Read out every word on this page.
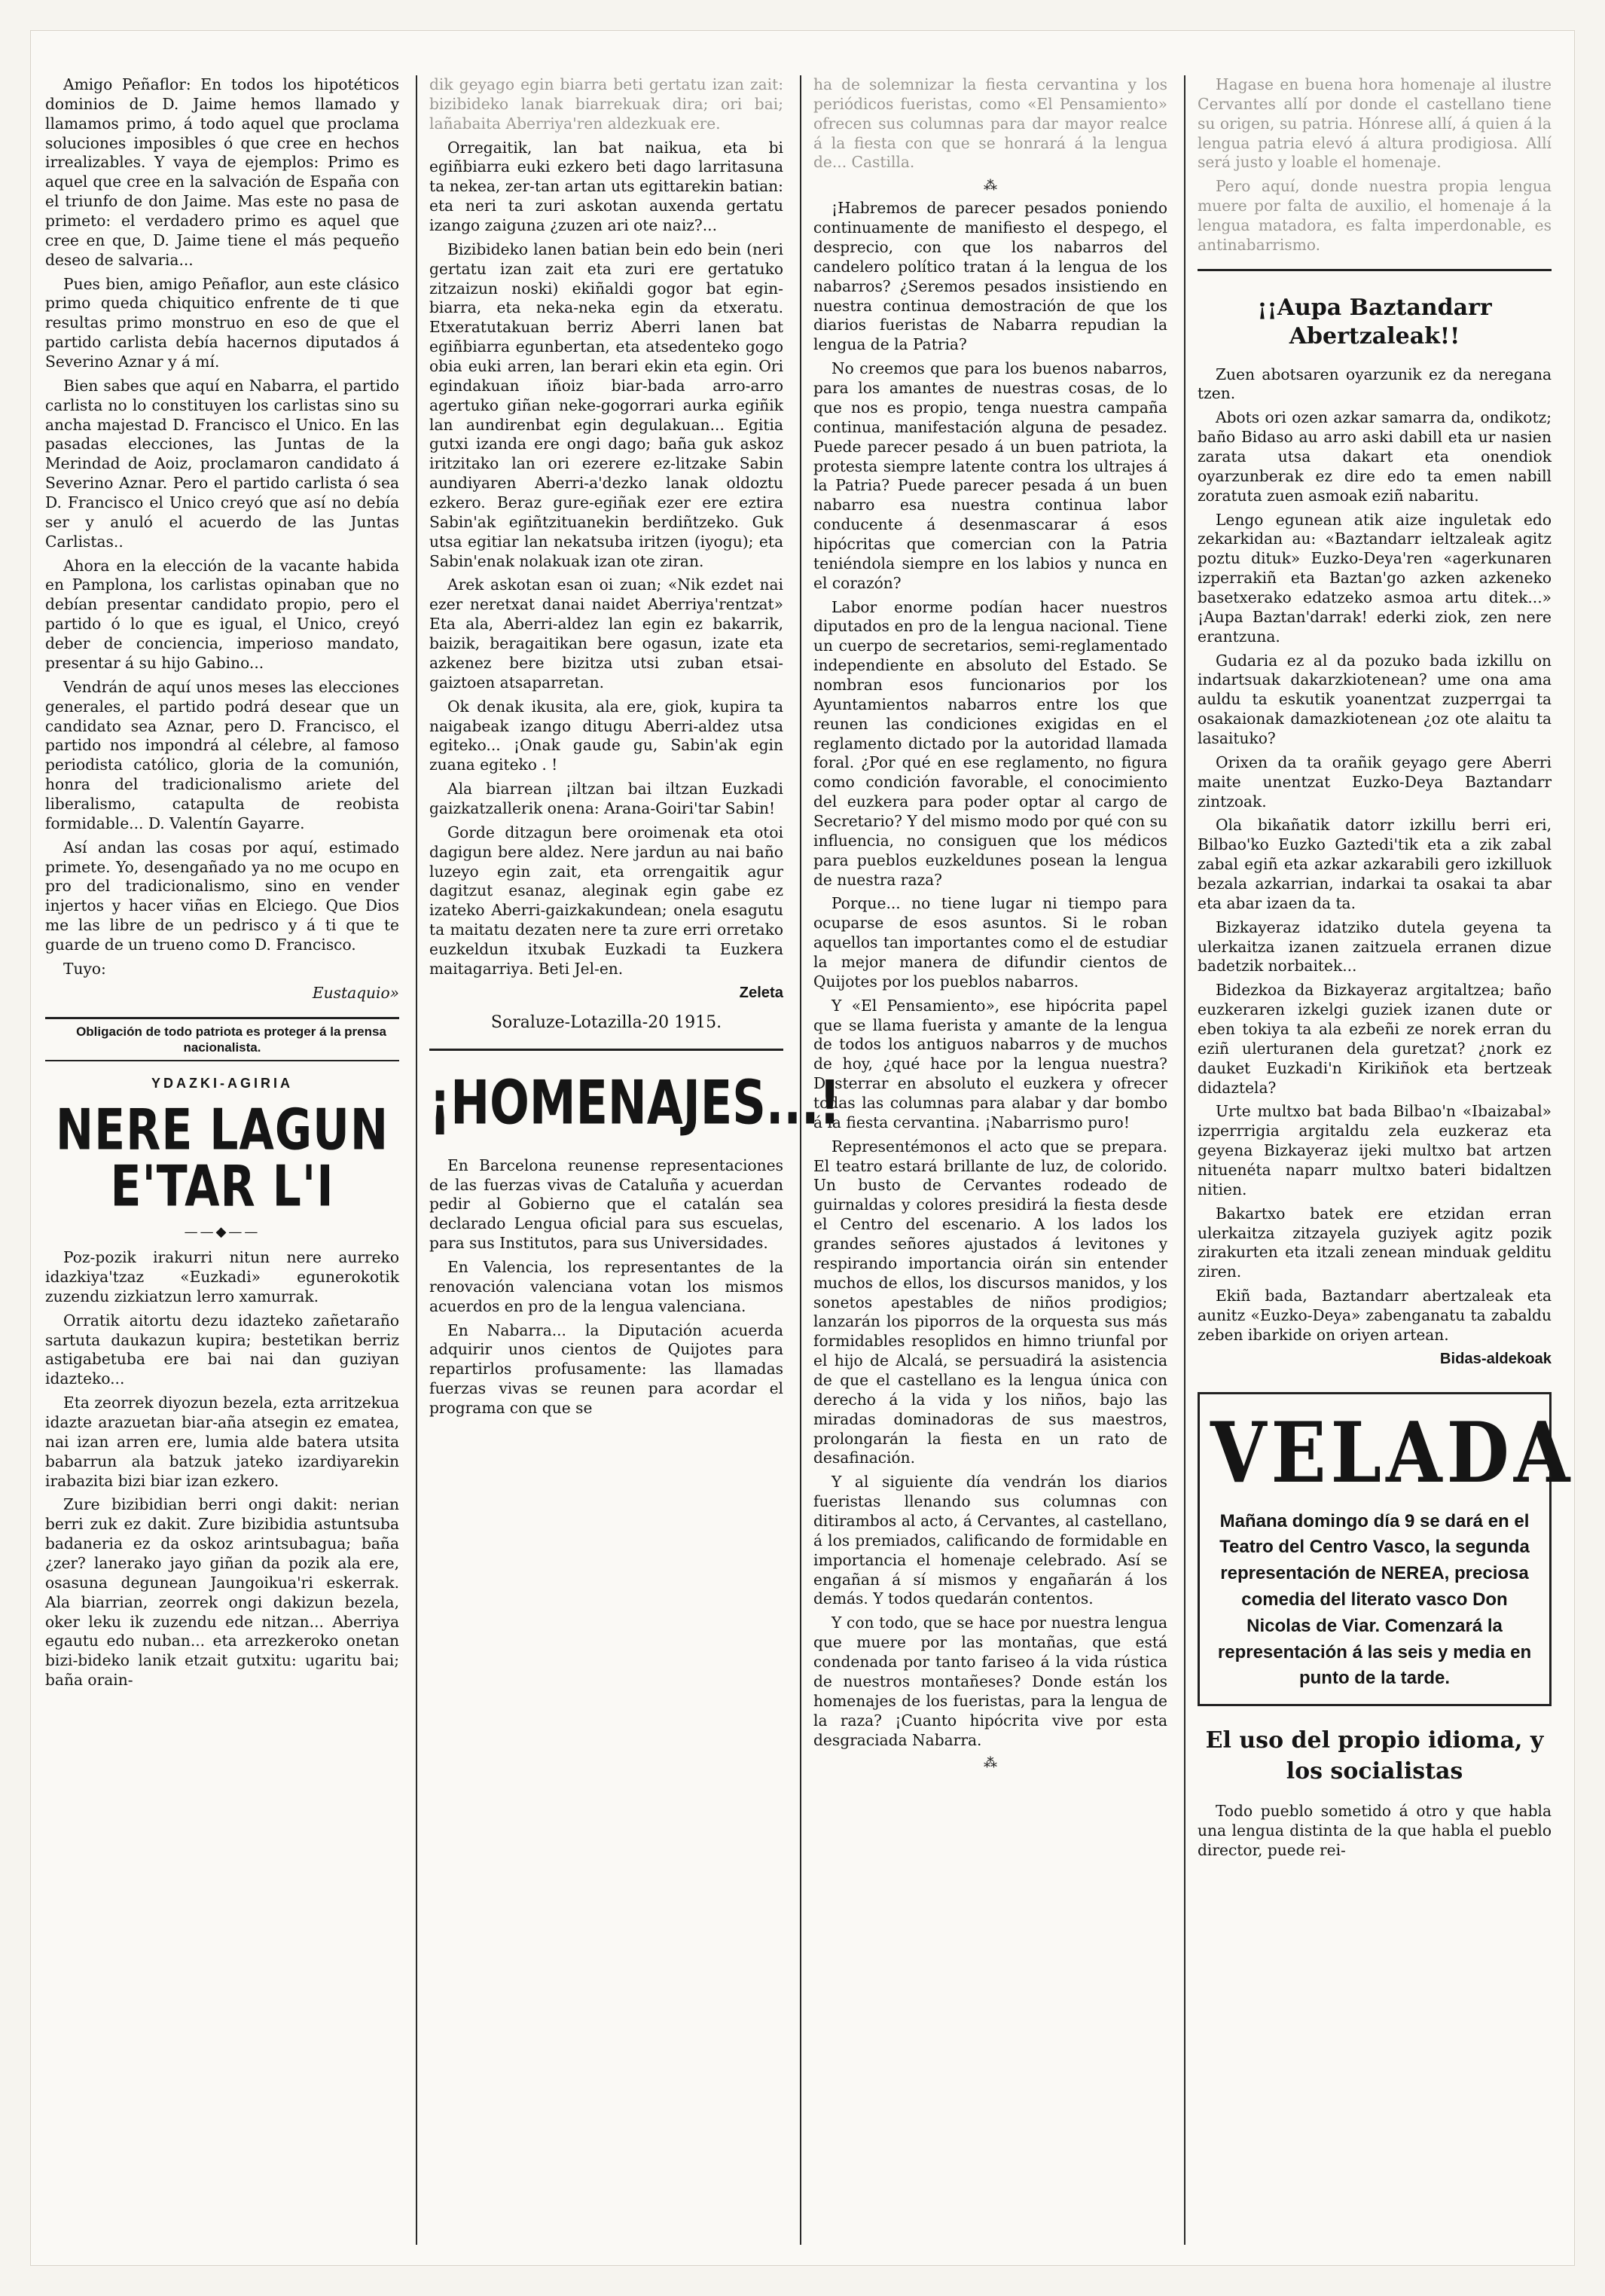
Amigo Peñaflor: En todos los hipotéticos dominios de D. Jaime hemos llamado y llamamos primo, á todo aquel que proclama soluciones imposibles ó que cree en hechos irrealizables. Y vaya de ejemplos: Primo es aquel que cree en la salvación de España con el triunfo de don Jaime. Mas este no pasa de primeto: el verdadero primo es aquel que cree en que, D. Jaime tiene el más pequeño deseo de salvaria...

Pues bien, amigo Peñaflor, aun este clásico primo queda chiquitico enfrente de ti que resultas primo monstruo en eso de que el partido carlista debía hacernos diputados á Severino Aznar y á mí.

Bien sabes que aquí en Nabarra, el partido carlista no lo constituyen los carlistas sino su ancha majestad D. Francisco el Unico. En las pasadas elecciones, las Juntas de la Merindad de Aoiz, proclamaron candidato á Severino Aznar. Pero el partido carlista ó sea D. Francisco el Unico creyó que así no debía ser y anuló el acuerdo de las Juntas Carlistas..

Ahora en la elección de la vacante habida en Pamplona, los carlistas opinaban que no debían presentar candidato propio, pero el partido ó lo que es igual, el Unico, creyó deber de conciencia, imperioso mandato, presentar á su hijo Gabino...

Vendrán de aquí unos meses las elecciones generales, el partido podrá desear que un candidato sea Aznar, pero D. Francisco, el partido nos impondrá al célebre, al famoso periodista católico, gloria de la comunión, honra del tradicionalismo ariete del liberalismo, catapulta de reobista formidable... D. Valentín Gayarre.

Así andan las cosas por aquí, estimado primete. Yo, desengañado ya no me ocupo en pro del tradicionalismo, sino en vender injertos y hacer viñas en Elciego. Que Dios me las libre de un pedrisco y á ti que te guarde de un trueno como D. Francisco.

Tuyo:

Eustaquio»

Obligación de todo patriota es proteger á la prensa nacionalista.

YDAZKI-AGIRIA
NERE LAGUN E'TAR L'I
——◆——

Poz-pozik irakurri nitun nere aurreko idazkiya'tzaz «Euzkadi» egunerokotik zuzendu zizkiatzun lerro xamurrak.

Orratik aitortu dezu idazteko zañetaraño sartuta daukazun kupira; bestetikan berriz astigabetuba ere bai nai dan guziyan idazteko...

Eta zeorrek diyozun bezela, ezta arritzekua idazte arazuetan biar-aña atsegin ez ematea, nai izan arren ere, lumia alde batera utsita babarrun ala batzuk jateko izardiyarekin irabazita bizi biar izan ezkero.

Zure bizibidian berri ongi dakit: nerian berri zuk ez dakit. Zure bizibidia astuntsuba badaneria ez da oskoz arintsubagua; baña ¿zer? lanerako jayo giñan da pozik ala ere, osasuna degunean Jaungoikua'ri eskerrak. Ala biarrian, zeorrek ongi dakizun bezela, oker leku ik zuzendu ede nitzan... Aberriya egautu edo nuban... eta arrezkeroko onetan bizi-bideko lanik etzait gutxitu: ugaritu bai; baña orain-

dik geyago egin biarra beti gertatu izan zait: bizibideko lanak biarrekuak dira; ori bai; lañabaita Aberriya'ren aldezkuak ere.

Orregaitik, lan bat naikua, eta bi egiñbiarra euki ezkero beti dago larritasuna ta nekea, zer-tan artan uts egittarekin batian: eta neri ta zuri askotan auxenda gertatu izango zaiguna ¿zuzen ari ote naiz?...

Bizibideko lanen batian bein edo bein (neri gertatu izan zait eta zuri ere gertatuko zitzaizun noski) ekiñaldi gogor bat egin-biarra, eta neka-neka egin da etxeratu. Etxeratutakuan berriz Aberri lanen bat egiñbiarra egunbertan, eta atsedenteko gogo obia euki arren, lan berari ekin eta egin. Ori egindakuan iñoiz biar-bada arro-arro agertuko giñan neke-gogorrari aurka egiñik lan aundirenbat egin degulakuan... Egitia gutxi izanda ere ongi dago; baña guk askoz iritzitako lan ori ezerere ez-litzake Sabin aundiyaren Aberri-a'dezko lanak oldoztu ezkero. Beraz gure-egiñak ezer ere eztira Sabin'ak egiñtzituanekin berdiñtzeko. Guk utsa egitiar lan nekatsuba iritzen (iyogu); eta Sabin'enak nolakuak izan ote ziran.

Arek askotan esan oi zuan; «Nik ezdet nai ezer neretxat danai naidet Aberriya'rentzat» Eta ala, Aberri-aldez lan egin ez bakarrik, baizik, beragaitikan bere ogasun, izate eta azkenez bere bizitza utsi zuban etsai-gaiztoen atsaparretan.

Ok denak ikusita, ala ere, giok, kupira ta naigabeak izango ditugu Aberri-aldez utsa egiteko... ¡Onak gaude gu, Sabin'ak egin zuana egiteko . !

Ala biarrean ¡iltzan bai iltzan Euzkadi gaizkatzallerik onena: Arana-Goiri'tar Sabin!

Gorde ditzagun bere oroimenak eta otoi dagigun bere aldez. Nere jardun au nai baño luzeyo egin zait, eta orrengaitik agur dagitzut esanaz, aleginak egin gabe ez izateko Aberri-gaizkakundean; onela esagutu ta maitatu dezaten nere ta zure erri orretako euzkeldun itxubak Euzkadi ta Euzkera maitagarriya. Beti Jel-en.

Zeleta

Soraluze-Lotazilla-20 1915.
¡HOMENAJES...!

En Barcelona reunense representaciones de las fuerzas vivas de Cataluña y acuerdan pedir al Gobierno que el catalán sea declarado Lengua oficial para sus escuelas, para sus Institutos, para sus Universidades.

En Valencia, los representantes de la renovación valenciana votan los mismos acuerdos en pro de la lengua valenciana.

En Nabarra... la Diputación acuerda adquirir unos cientos de Quijotes para repartirlos profusamente: las llamadas fuerzas vivas se reunen para acordar el programa con que se

ha de solemnizar la fiesta cervantina y los periódicos fueristas, como «El Pensamiento» ofrecen sus columnas para dar mayor realce á la fiesta con que se honrará á la lengua de... Castilla.

⁂

¡Habremos de parecer pesados poniendo continuamente de manifiesto el despego, el desprecio, con que los nabarros del candelero político tratan á la lengua de los nabarros? ¿Seremos pesados insistiendo en nuestra continua demostración de que los diarios fueristas de Nabarra repudian la lengua de la Patria?

No creemos que para los buenos nabarros, para los amantes de nuestras cosas, de lo que nos es propio, tenga nuestra campaña continua, manifestación alguna de pesadez. Puede parecer pesado á un buen patriota, la protesta siempre latente contra los ultrajes á la Patria? Puede parecer pesada á un buen nabarro esa nuestra continua labor conducente á desenmascarar á esos hipócritas que comercian con la Patria teniéndola siempre en los labios y nunca en el corazón?

Labor enorme podían hacer nuestros diputados en pro de la lengua nacional. Tiene un cuerpo de secretarios, semi-reglamentado independiente en absoluto del Estado. Se nombran esos funcionarios por los Ayuntamientos nabarros entre los que reunen las condiciones exigidas en el reglamento dictado por la autoridad llamada foral. ¿Por qué en ese reglamento, no figura como condición favorable, el conocimiento del euzkera para poder optar al cargo de Secretario? Y del mismo modo por qué con su influencia, no consiguen que los médicos para pueblos euzkeldunes posean la lengua de nuestra raza?

Porque... no tiene lugar ni tiempo para ocuparse de esos asuntos. Si le roban aquellos tan importantes como el de estudiar la mejor manera de difundir cientos de Quijotes por los pueblos nabarros.

Y «El Pensamiento», ese hipócrita papel que se llama fuerista y amante de la lengua de todos los antiguos nabarros y de muchos de hoy, ¿qué hace por la lengua nuestra? Desterrar en absoluto el euzkera y ofrecer todas las columnas para alabar y dar bombo á la fiesta cervantina. ¡Nabarrismo puro!

Representémonos el acto que se prepara. El teatro estará brillante de luz, de colorido. Un busto de Cervantes rodeado de guirnaldas y colores presidirá la fiesta desde el Centro del escenario. A los lados los grandes señores ajustados á levitones y respirando importancia oirán sin entender muchos de ellos, los discursos manidos, y los sonetos apestables de niños prodigios; lanzarán los piporros de la orquesta sus más formidables resoplidos en himno triunfal por el hijo de Alcalá, se persuadirá la asistencia de que el castellano es la lengua única con derecho á la vida y los niños, bajo las miradas dominadoras de sus maestros, prolongarán la fiesta en un rato de desafinación.

Y al siguiente día vendrán los diarios fueristas llenando sus columnas con ditirambos al acto, á Cervantes, al castellano, á los premiados, calificando de formidable en importancia el homenaje celebrado. Así se engañan á sí mismos y engañarán á los demás. Y todos quedarán contentos.

Y con todo, que se hace por nuestra lengua que muere por las montañas, que está condenada por tanto fariseo á la vida rústica de nuestros montañeses? Donde están los homenajes de los fueristas, para la lengua de la raza? ¡Cuanto hipócrita vive por esta desgraciada Nabarra.

⁂

Hagase en buena hora homenaje al ilustre Cervantes allí por donde el castellano tiene su origen, su patria. Hónrese allí, á quien á la lengua patria elevó á altura prodigiosa. Allí será justo y loable el homenaje.

Pero aquí, donde nuestra propia lengua muere por falta de auxilio, el homenaje á la lengua matadora, es falta imperdonable, es antinabarrismo.

¡¡Aupa Baztandarr Abertzaleak!!

Zuen abotsaren oyarzunik ez da neregana tzen.

Abots ori ozen azkar samarra da, ondikotz; baño Bidaso au arro aski dabill eta ur nasien zarata utsa dakart eta onendiok oyarzunberak ez dire edo ta emen nabill zoratuta zuen asmoak eziñ nabaritu.

Lengo egunean atik aize inguletak edo zekarkidan au: «Baztandarr ieltzaleak agitz poztu dituk» Euzko-Deya'ren «agerkunaren izperrakiñ eta Baztan'go azken azkeneko basetxerako edatzeko asmoa artu ditek...» ¡Aupa Baztan'darrak! ederki ziok, zen nere erantzuna.

Gudaria ez al da pozuko bada izkillu on indartsuak dakarzkiotenean? ume ona ama auldu ta eskutik yoanentzat zuzperrgai ta osakaionak damazkiotenean ¿oz ote alaitu ta lasaituko?

Orixen da ta orañik geyago gere Aberri maite unentzat Euzko-Deya Baztandarr zintzoak.

Ola bikañatik datorr izkillu berri eri, Bilbao'ko Euzko Gaztedi'tik eta a zik zabal zabal egiñ eta azkar azkarabili gero izkilluok bezala azkarrian, indarkai ta osakai ta abar eta abar izaen da ta.

Bizkayeraz idatziko dutela geyena ta ulerkaitza izanen zaitzuela erranen dizue badetzik norbaitek...

Bidezkoa da Bizkayeraz argitaltzea; baño euzkeraren izkelgi guziek izanen dute or eben tokiya ta ala ezbeñi ze norek erran du eziñ ulerturanen dela guretzat? ¿nork ez dauket Euzkadi'n Kirikiñok eta bertzeak didaztela?

Urte multxo bat bada Bilbao'n «Ibaizabal» izperrrigia argitaldu zela euzkeraz eta geyena Bizkayeraz ijeki multxo bat artzen nituenéta naparr multxo bateri bidaltzen nitien.

Bakartxo batek ere etzidan erran ulerkaitza zitzayela guziyek agitz pozik zirakurten eta itzali zenean minduak gelditu ziren.

Ekiñ bada, Baztandarr abertzaleak eta aunitz «Euzko-Deya» zabenganatu ta zabaldu zeben ibarkide on oriyen artean.

Bidas-aldekoak

VELADA
Mañana domingo día 9 se dará en el Teatro del Centro Vasco, la segunda representación de NEREA, preciosa comedia del literato vasco Don Nicolas de Viar. Comenzará la representación á las seis y media en punto de la tarde.
El uso del propio idioma, y los socialistas

Todo pueblo sometido á otro y que habla una lengua distinta de la que habla el pueblo director, puede rei-
